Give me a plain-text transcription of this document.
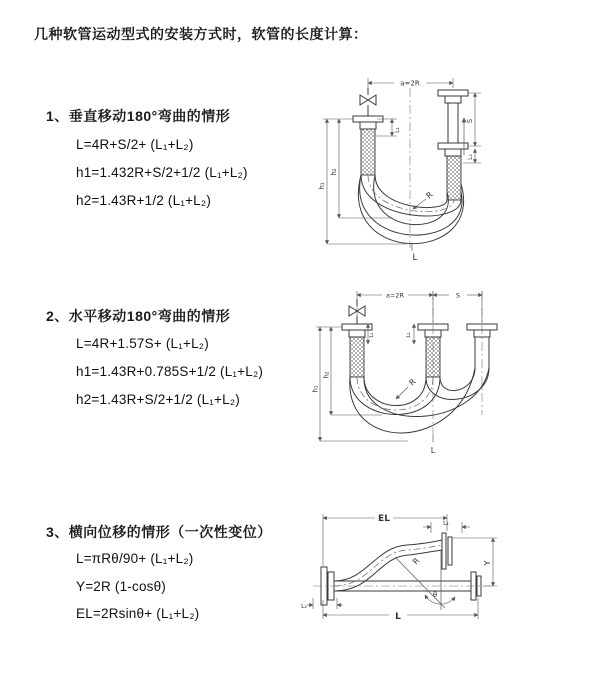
几种软管运动型式的安装方式时，软管的长度计算：
1、垂直移动180°弯曲的情形
L=4R+S/2+ (L₁+L₂)
h1=1.432R+S/2+1/2 (L₁+L₂)
h2=1.43R+1/2 (L₁+L₂)
2、水平移动180°弯曲的情形
L=4R+1.57S+ (L₁+L₂)
h1=1.43R+0.785S+1/2 (L₁+L₂)
h2=1.43R+S/2+1/2 (L₁+L₂)
3、横向位移的情形（一次性变位）
L=πRθ/90+ (L₁+L₂)
Y=2R (1-cosθ)
EL=2Rsinθ+ (L₁+L₂)
a=2R
R
h₁
h₂
L₁
S
L₂
L
a=2R	S
R
h₁
h₂
L₁	L₂
L
EL	L₁
Y
R
θ
L
L₂
